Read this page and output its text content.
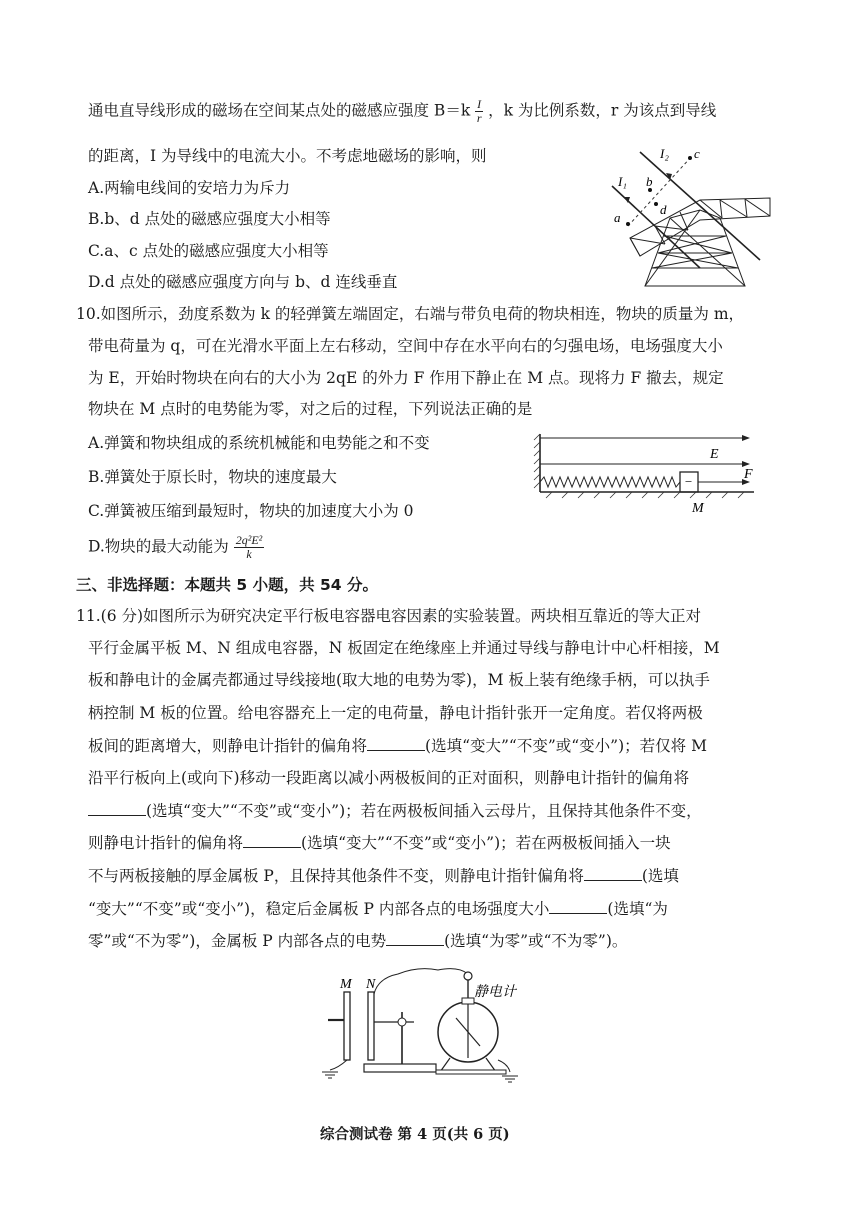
通电直导线形成的磁场在空间某点处的磁感应强度 $B=k \frac{I}{r}$ ，k 为比例系数，r 为该点到导线
的距离，I 为导线中的电流大小。不考虑地磁场的影响，则
A.两输电线间的安培力为斥力
B.b、d 点处的磁感应强度大小相等
C.a、c 点处的磁感应强度大小相等
D.d 点处的磁感应强度方向与 b、d 连线垂直
I₁
I₂
b
d
a
c
10.如图所示，劲度系数为 k 的轻弹簧左端固定，右端与带负电荷的物块相连，物块的质量为 m，
带电荷量为 q，可在光滑水平面上左右移动，空间中存在水平向右的匀强电场，电场强度大小
为 E，开始时物块在向右的大小为 2qE 的外力 F 作用下静止在 M 点。现将力 F 撤去，规定
物块在 M 点时的电势能为零，对之后的过程，下列说法正确的是
A.弹簧和物块组成的系统机械能和电势能之和不变
B.弹簧处于原长时，物块的速度最大
C.弹簧被压缩到最短时，物块的加速度大小为 0
D.物块的最大动能为 $\frac{\text{2q²E²}}{k}$
−
E
F
M
三、非选择题：本题共 5 小题，共 54 分。
11.(6 分)如图所示为研究决定平行板电容器电容因素的实验装置。两块相互靠近的等大正对
平行金属平板 M、N 组成电容器，N 板固定在绝缘座上并通过导线与静电计中心杆相接，M
板和静电计的金属壳都通过导线接地(取大地的电势为零)，M 板上装有绝缘手柄，可以执手
柄控制 M 板的位置。给电容器充上一定的电荷量，静电计指针张开一定角度。若仅将两极
板间的距离增大，则静电计指针的偏角将	(选填“变大”“不变”或“变小”)；若仅将 M
沿平行板向上(或向下)移动一段距离以减小两极板间的正对面积，则静电计指针的偏角将
(选填“变大”“不变”或“变小”)；若在两极板间插入云母片，且保持其他条件不变，
则静电计指针的偏角将	(选填“变大”“不变”或“变小”)；若在两极板间插入一块
不与两板接触的厚金属板 P，且保持其他条件不变，则静电计指针偏角将	(选填
“变大”“不变”或“变小”)，稳定后金属板 P 内部各点的电场强度大小	(选填“为
零”或“不为零”)，金属板 P 内部各点的电势	(选填“为零”或“不为零”)。
M N	静电计
综合测试卷 第 4 页(共 6 页)
